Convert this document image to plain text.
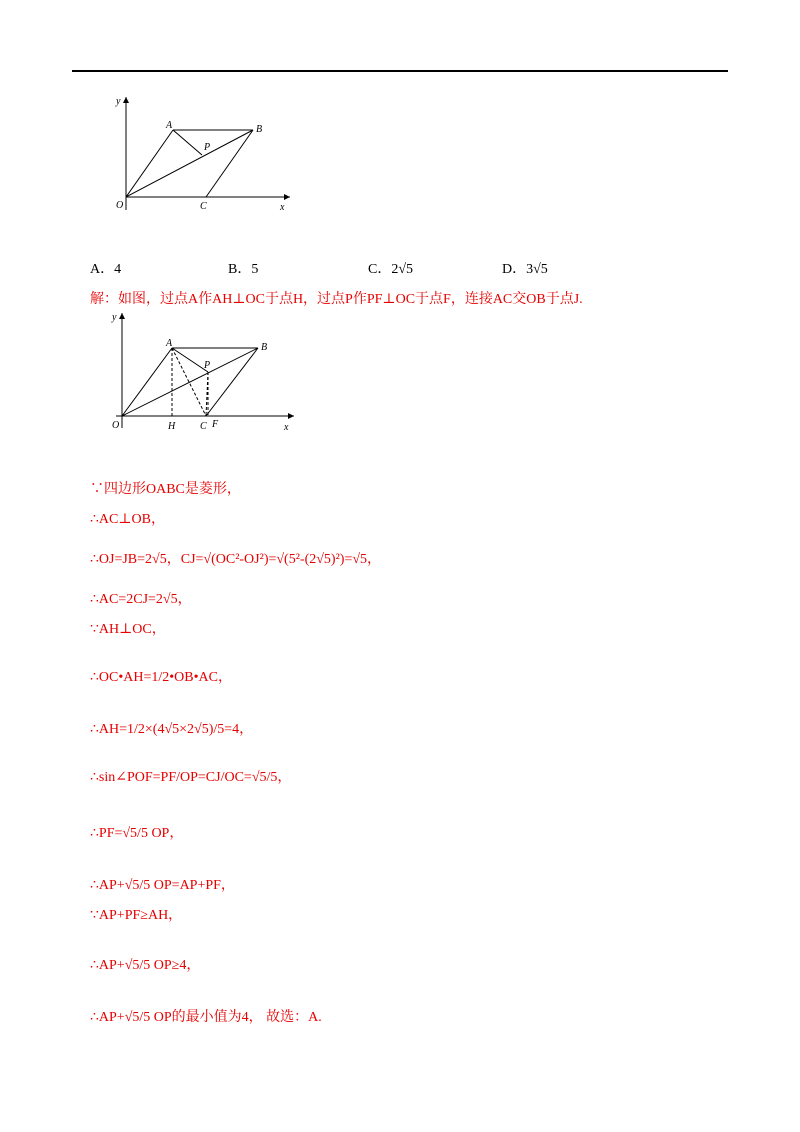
y
x
O
A	B
C
P
A．4	B．5	C．2√5	D．3√5
解：如图，过点A作AH⊥OC于点H，过点P作PF⊥OC于点F，连接AC交OB于点J.
y
x
O
A	B
H C F
P
∵四边形OABC是菱形，
∴AC⊥OB，
∴OJ=JB=2√5，CJ=√(OC²-OJ²)=√(5²-(2√5)²)=√5，
∴AC=2CJ=2√5，
∵AH⊥OC，
∴OC•AH=1/2•OB•AC，
∴AH=1/2×(4√5×2√5)/5=4，
∴sin∠POF=PF/OP=CJ/OC=√5/5，
∴PF=√5/5 OP，
∴AP+√5/5 OP=AP+PF，
∵AP+PF≥AH，
∴AP+√5/5 OP≥4，
∴AP+√5/5 OP的最小值为4， 故选：A.
